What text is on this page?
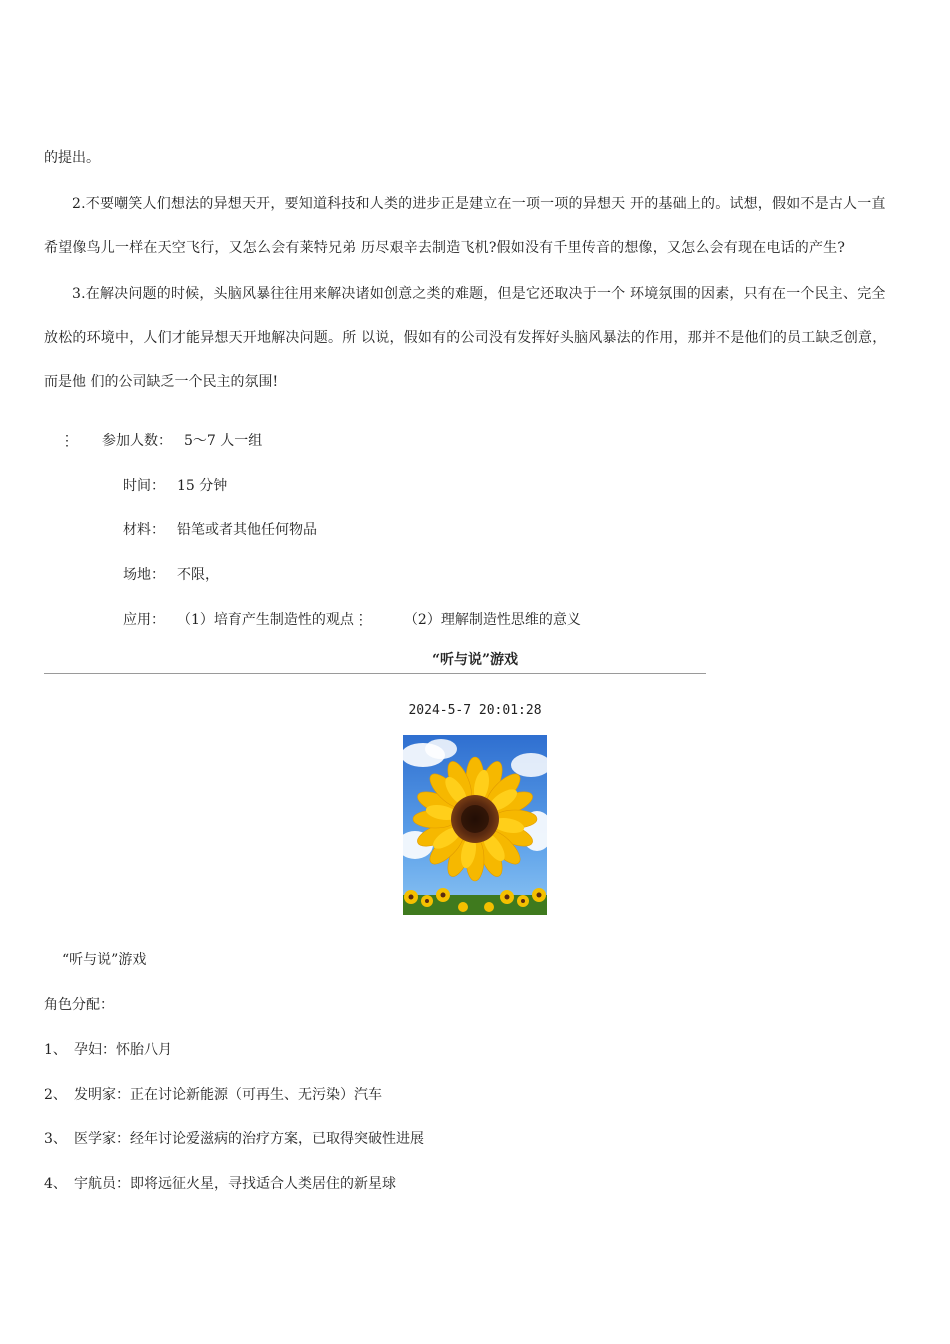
的提出。
2.不要嘲笑人们想法的异想天开，要知道科技和人类的进步正是建立在一项一项的异想天 开的基础上的。试想，假如不是古人一直
希望像鸟儿一样在天空飞行，又怎么会有莱特兄弟 历尽艰辛去制造飞机?假如没有千里传音的想像，又怎么会有现在电话的产生?
3.在解决问题的时候，头脑风暴往往用来解决诸如创意之类的难题，但是它还取决于一个 环境氛围的因素，只有在一个民主、完全
放松的环境中，人们才能异想天开地解决问题。所 以说，假如有的公司没有发挥好头脑风暴法的作用，那并不是他们的员工缺乏创意，
而是他 们的公司缺乏一个民主的氛围!
⋮ 参加人数： 5～7 人一组
时间： 15 分钟
材料： 铅笔或者其他任何物品
场地： 不限，
应用： （1）培育产生制造性的观点⋮	（2）理解制造性思维的意义
“听与说”游戏
2024-5-7 20:01:28
“听与说”游戏
角色分配：
1、 孕妇：怀胎八月
2、 发明家：正在讨论新能源（可再生、无污染）汽车
3、 医学家：经年讨论爱滋病的治疗方案，已取得突破性进展
4、 宇航员：即将远征火星，寻找适合人类居住的新星球
